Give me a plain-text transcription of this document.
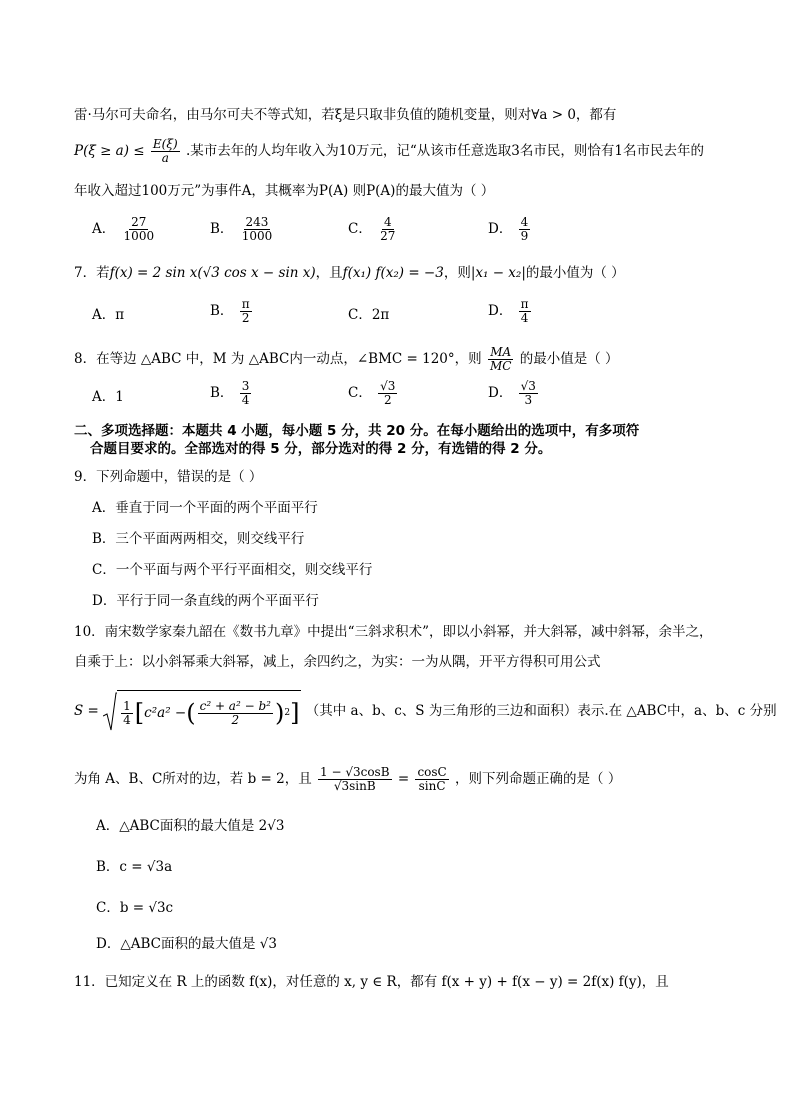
雷·马尔可夫命名，由马尔可夫不等式知，若ξ是只取非负值的随机变量，则对∀a > 0，都有
$P(\xi \ge a) \le \frac{E(\xi)}{a}$ .某市去年的人均年收入为10万元，记“从该市任意选取3名市民，则恰有1名市民去年的
年收入超过100万元”为事件A，其概率为P(A) 则P(A)的最大值为（ ）
A． $\frac{27}{1000}$	B． $\frac{243}{1000}$	C． $\frac{4}{27}$	D． $\frac{4}{9}$
7．若f(x) = 2 sin x(√3 cos x − sin x)，且f(x₁) f(x₂) = −3，则|x₁ − x₂|的最小值为（ ）
A．π	B． $\frac{\pi}{2}$	C．2π	D． $\frac{\pi}{4}$
8．在等边 △ABC 中，M 为 △ABC内一动点，∠BMC = 120°，则 $\frac{MA}{MC}$ 的最小值是（ ）
A．1	B． $\frac{3}{4}$	C． $\frac{√3}{2}$	D． $\frac{√3}{3}$
二、多项选择题：本题共 4 小题，每小题 5 分，共 20 分。在每小题给出的选项中，有多项符
合题目要求的。全部选对的得 5 分，部分选对的得 2 分，有选错的得 2 分。
9．下列命题中，错误的是（ ）
A．垂直于同一个平面的两个平面平行
B．三个平面两两相交，则交线平行
C．一个平面与两个平行平面相交，则交线平行
D．平行于同一条直线的两个平面平行
10．南宋数学家秦九韶在《数书九章》中提出“三斜求积术”，即以小斜幂，并大斜幂，减中斜幂，余半之，
自乘于上：以小斜幂乘大斜幂，减上，余四约之，为实：一为从隅，开平方得积可用公式
$S = \frac{1}{4}$ [ c²a² − ( $\frac{\text{c² + a² − b²}}{2}$ ) 2 ] （其中 a、b、c、S 为三角形的三边和面积）表示.在 △ABC中，a、b、c 分别
为角 A、B、C所对的边，若 b = 2，且 $\frac{1 - √3\cos B}{√3\sin B} = \frac{\cos C}{\sin C}$ ，则下列命题正确的是（ ）
A．△ABC面积的最大值是 2√3
B．c = √3a
C．b = √3c
D．△ABC面积的最大值是 √3
11．已知定义在 R 上的函数 f(x)，对任意的 x, y ∈ R，都有 f(x + y) + f(x − y) = 2f(x) f(y)，且
